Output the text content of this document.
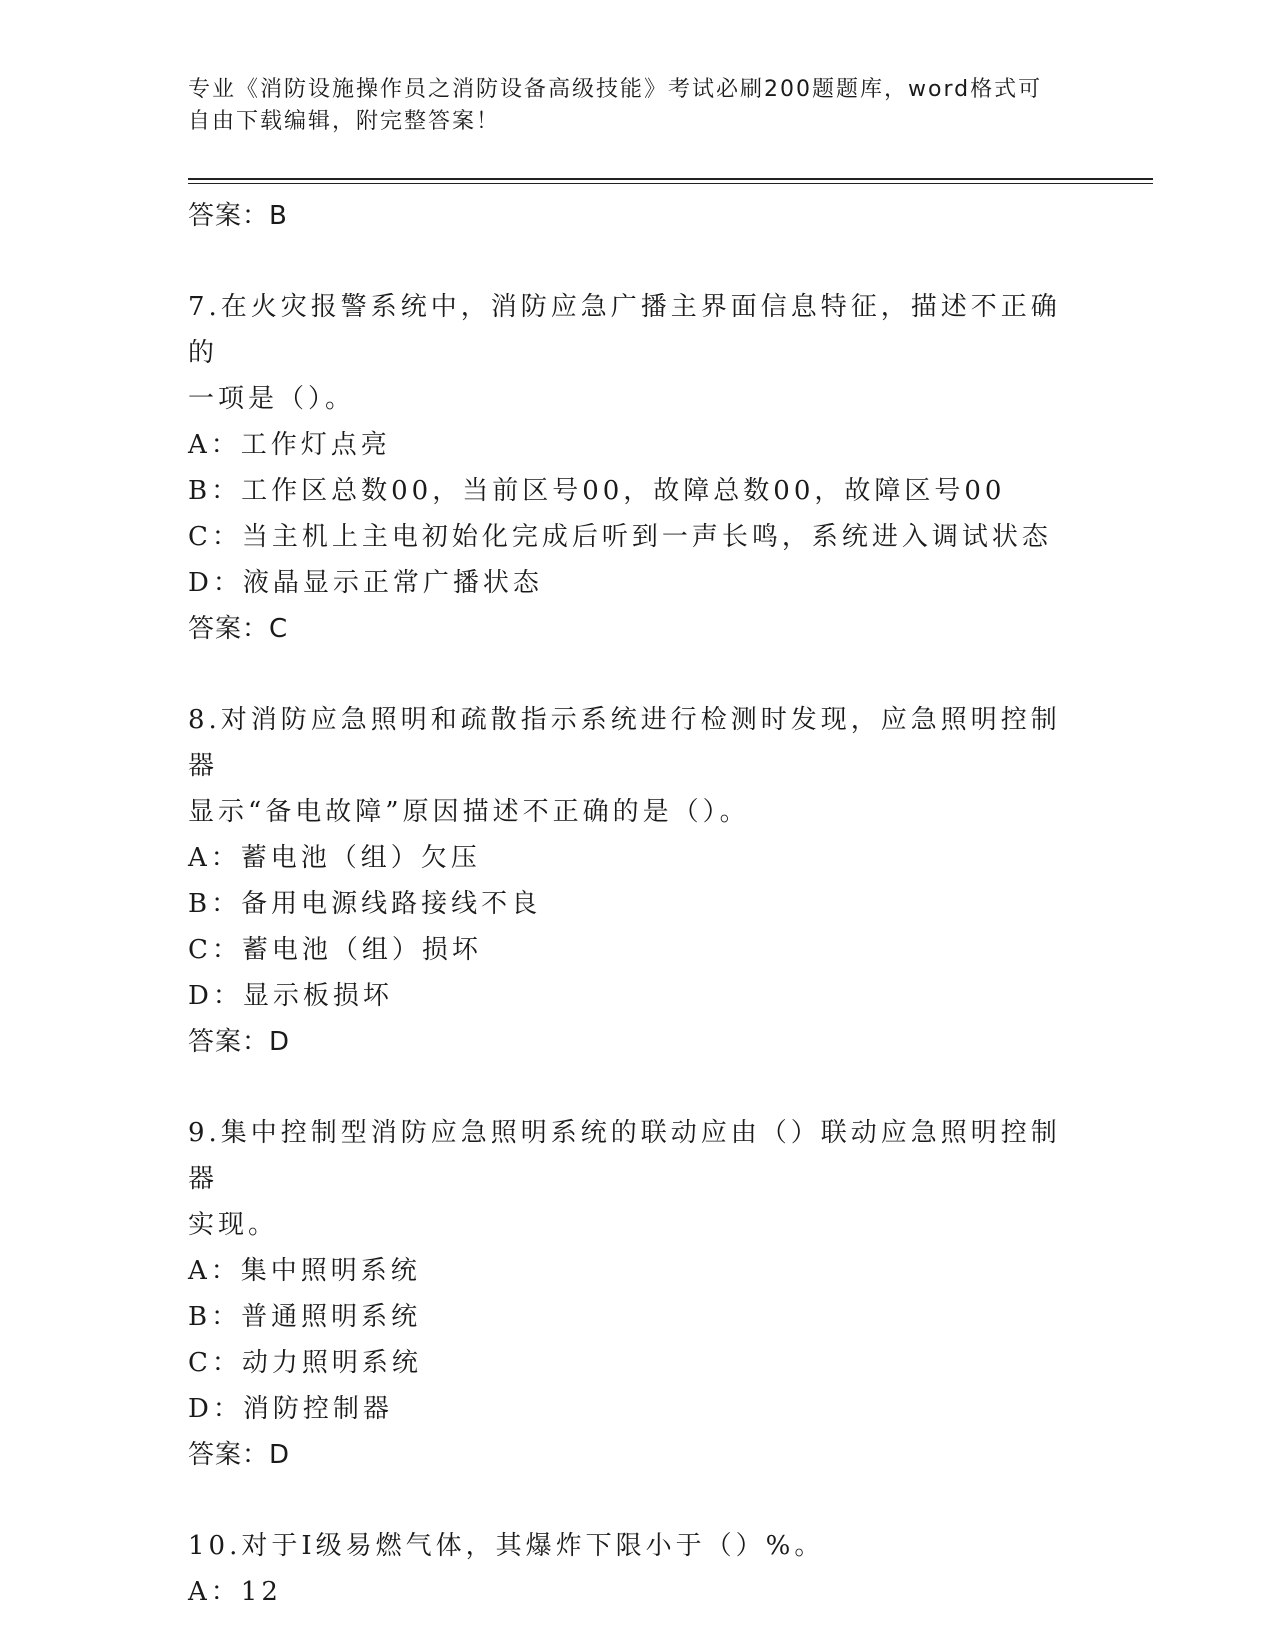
专业《消防设施操作员之消防设备高级技能》考试必刷200题题库，word格式可
自由下载编辑，附完整答案！
答案：B
7.在火灾报警系统中，消防应急广播主界面信息特征，描述不正确的
一项是（）。
A：工作灯点亮
B：工作区总数00，当前区号00，故障总数00，故障区号00
C：当主机上主电初始化完成后听到一声长鸣，系统进入调试状态
D：液晶显示正常广播状态
答案：C
8.对消防应急照明和疏散指示系统进行检测时发现，应急照明控制器
显示“备电故障”原因描述不正确的是（）。
A：蓄电池（组）欠压
B：备用电源线路接线不良
C：蓄电池（组）损坏
D：显示板损坏
答案：D
9.集中控制型消防应急照明系统的联动应由（）联动应急照明控制器
实现。
A：集中照明系统
B：普通照明系统
C：动力照明系统
D：消防控制器
答案：D
10.对于Ⅰ级易燃气体，其爆炸下限小于（）%。
A：12
